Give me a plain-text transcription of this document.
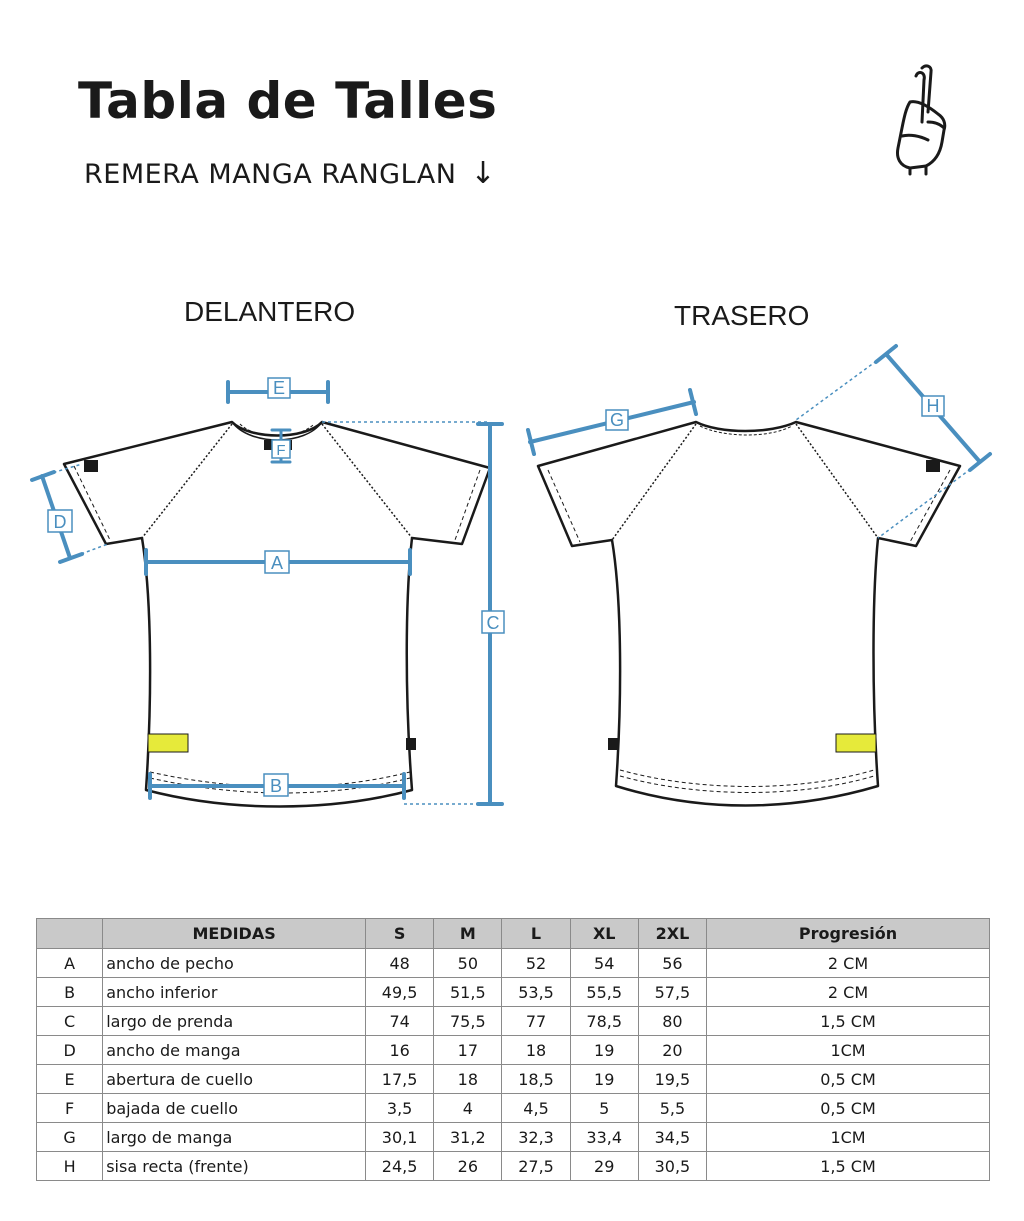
Tabla de Talles
REMERA MANGA RANGLAN ↓
DELANTERO	TRASERO
E
F
A
B
C
D
G
H
	MEDIDAS	S	M	L	XL	2XL	Progresión
A	ancho de pecho	48	50	52	54	56	2 CM
B	ancho inferior	49,5	51,5	53,5	55,5	57,5	2 CM
C	largo de prenda	74	75,5	77	78,5	80	1,5 CM
D	ancho de manga	16	17	18	19	20	1CM
E	abertura de cuello	17,5	18	18,5	19	19,5	0,5 CM
F	bajada de cuello	3,5	4	4,5	5	5,5	0,5 CM
G	largo de manga	30,1	31,2	32,3	33,4	34,5	1CM
H	sisa recta (frente)	24,5	26	27,5	29	30,5	1,5 CM
